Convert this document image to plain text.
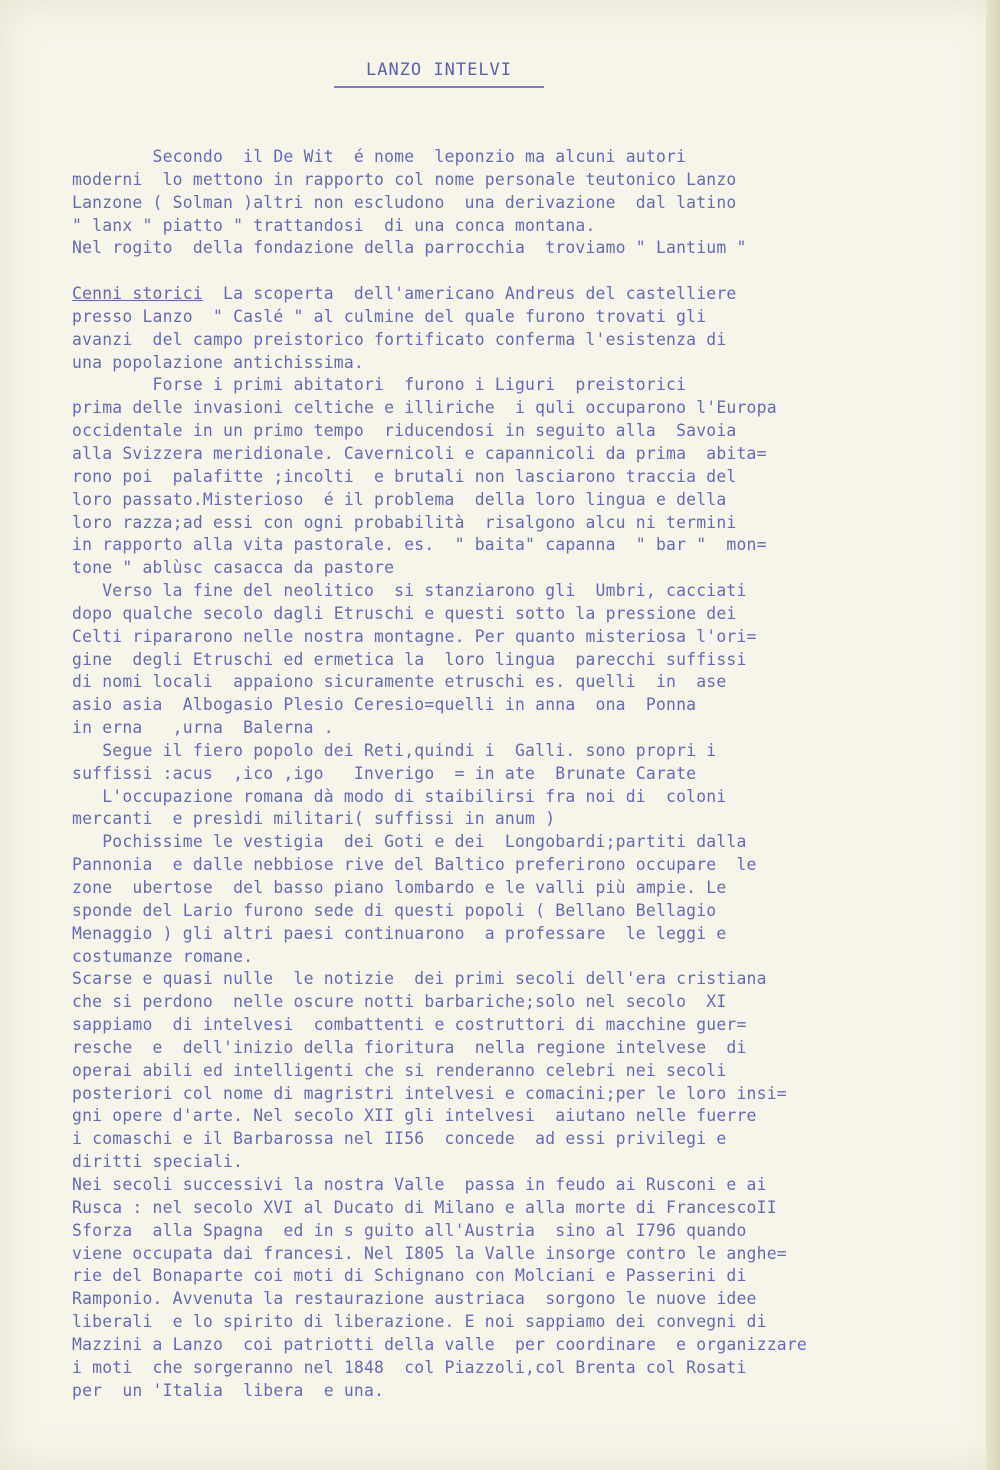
LANZO INTELVI
Secondo  il De Wit  é nome  leponzio ma alcuni autori
moderni  lo mettono in rapporto col nome personale teutonico Lanzo
Lanzone ( Solman )altri non escludono  una derivazione  dal latino
" lanx " piatto " trattandosi  di una conca montana.
Nel rogito  della fondazione della parrocchia  troviamo " Lantium "
Cenni storici  La scoperta  dell'americano Andreus del castelliere
presso Lanzo  " Caslé " al culmine del quale furono trovati gli
avanzi  del campo preistorico fortificato conferma l'esistenza di
una popolazione antichissima.
Forse i primi abitatori  furono i Liguri  preistorici
prima delle invasioni celtiche e illiriche  i quli occuparono l'Europa
occidentale in un primo tempo  riducendosi in seguito alla  Savoia
alla Svizzera meridionale. Cavernicoli e capannicoli da prima  abita=
rono poi  palafitte ;incolti  e brutali non lasciarono traccia del
loro passato.Misterioso  é il problema  della loro lingua e della
loro razza;ad essi con ogni probabilità  risalgono alcu ni termini
in rapporto alla vita pastorale. es.  " baita" capanna  " bar "  mon=
tone " ablùsc casacca da pastore
Verso la fine del neolitico  si stanziarono gli  Umbri, cacciati
dopo qualche secolo dagli Etruschi e questi sotto la pressione dei
Celti ripararono nelle nostra montagne. Per quanto misteriosa l'ori=
gine  degli Etruschi ed ermetica la  loro lingua  parecchi suffissi
di nomi locali  appaiono sicuramente etruschi es. quelli  in  ase
asio asia  Albogasio Plesio Ceresio=quelli in anna  ona  Ponna
in erna   ,urna  Balerna .
Segue il fiero popolo dei Reti,quindi i  Galli. sono propri i
suffissi :acus  ,ico ,igo   Inverigo  = in ate  Brunate Carate
L'occupazione romana dà modo di staibilirsi fra noi di  coloni
mercanti  e presìdi militari( suffissi in anum )
Pochissime le vestigia  dei Goti e dei  Longobardi;partiti dalla
Pannonia  e dalle nebbiose rive del Baltico preferirono occupare  le
zone  ubertose  del basso piano lombardo e le valli più ampie. Le
sponde del Lario furono sede di questi popoli ( Bellano Bellagio
Menaggio ) gli altri paesi continuarono  a professare  le leggi e
costumanze romane.
Scarse e quasi nulle  le notizie  dei primi secoli dell'era cristiana
che si perdono  nelle oscure notti barbariche;solo nel secolo  XI
sappiamo  di intelvesi  combattenti e costruttori di macchine guer=
resche  e  dell'inizio della fioritura  nella regione intelvese  di
operai abili ed intelligenti che si renderanno celebri nei secoli
posteriori col nome di magristri intelvesi e comacini;per le loro insi=
gni opere d'arte. Nel secolo XII gli intelvesi  aiutano nelle fuerre
i comaschi e il Barbarossa nel II56  concede  ad essi privilegi e
diritti speciali.
Nei secoli successivi la nostra Valle  passa in feudo ai Rusconi e ai
Rusca : nel secolo XVI al Ducato di Milano e alla morte di FrancescoII
Sforza  alla Spagna  ed in s guito all'Austria  sino al I796 quando
viene occupata dai francesi. Nel I805 la Valle insorge contro le anghe=
rie del Bonaparte coi moti di Schignano con Molciani e Passerini di
Ramponio. Avvenuta la restaurazione austriaca  sorgono le nuove idee
liberali  e lo spirito di liberazione. E noi sappiamo dei convegni di
Mazzini a Lanzo  coi patriotti della valle  per coordinare  e organizzare
i moti  che sorgeranno nel 1848  col Piazzoli,col Brenta col Rosati
per  un 'Italia  libera  e una.
